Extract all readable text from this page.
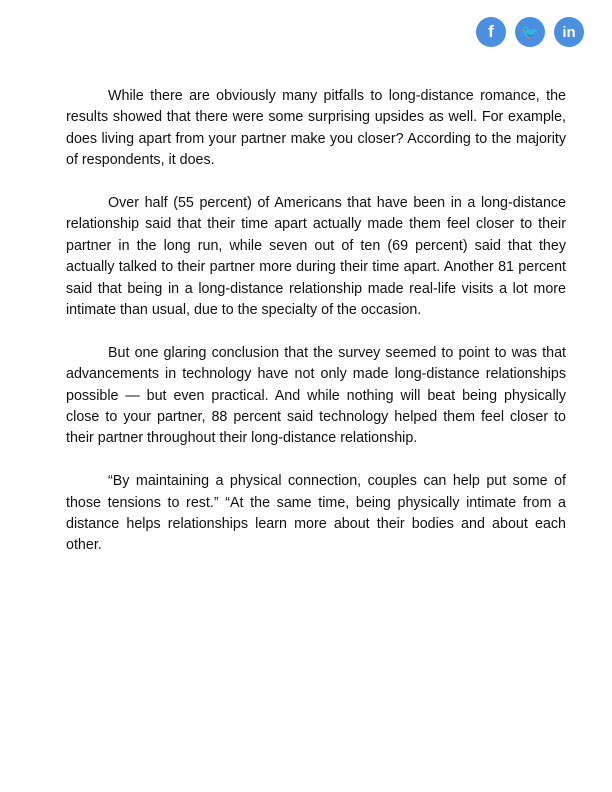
f	🐦	in

While there are obviously many pitfalls to long-distance romance, the results showed that there were some surprising upsides as well. For example, does living apart from your partner make you closer? According to the majority of respondents, it does.

Over half (55 percent) of Americans that have been in a long-distance relationship said that their time apart actually made them feel closer to their partner in the long run, while seven out of ten (69 percent) said that they actually talked to their partner more during their time apart. Another 81 percent said that being in a long-distance relationship made real-life visits a lot more intimate than usual, due to the specialty of the occasion.

But one glaring conclusion that the survey seemed to point to was that advancements in technology have not only made long-distance relationships possible — but even practical. And while nothing will beat being physically close to your partner, 88 percent said technology helped them feel closer to their partner throughout their long-distance relationship.

“By maintaining a physical connection, couples can help put some of those tensions to rest.” “At the same time, being physically intimate from a distance helps relationships learn more about their bodies and about each other.
